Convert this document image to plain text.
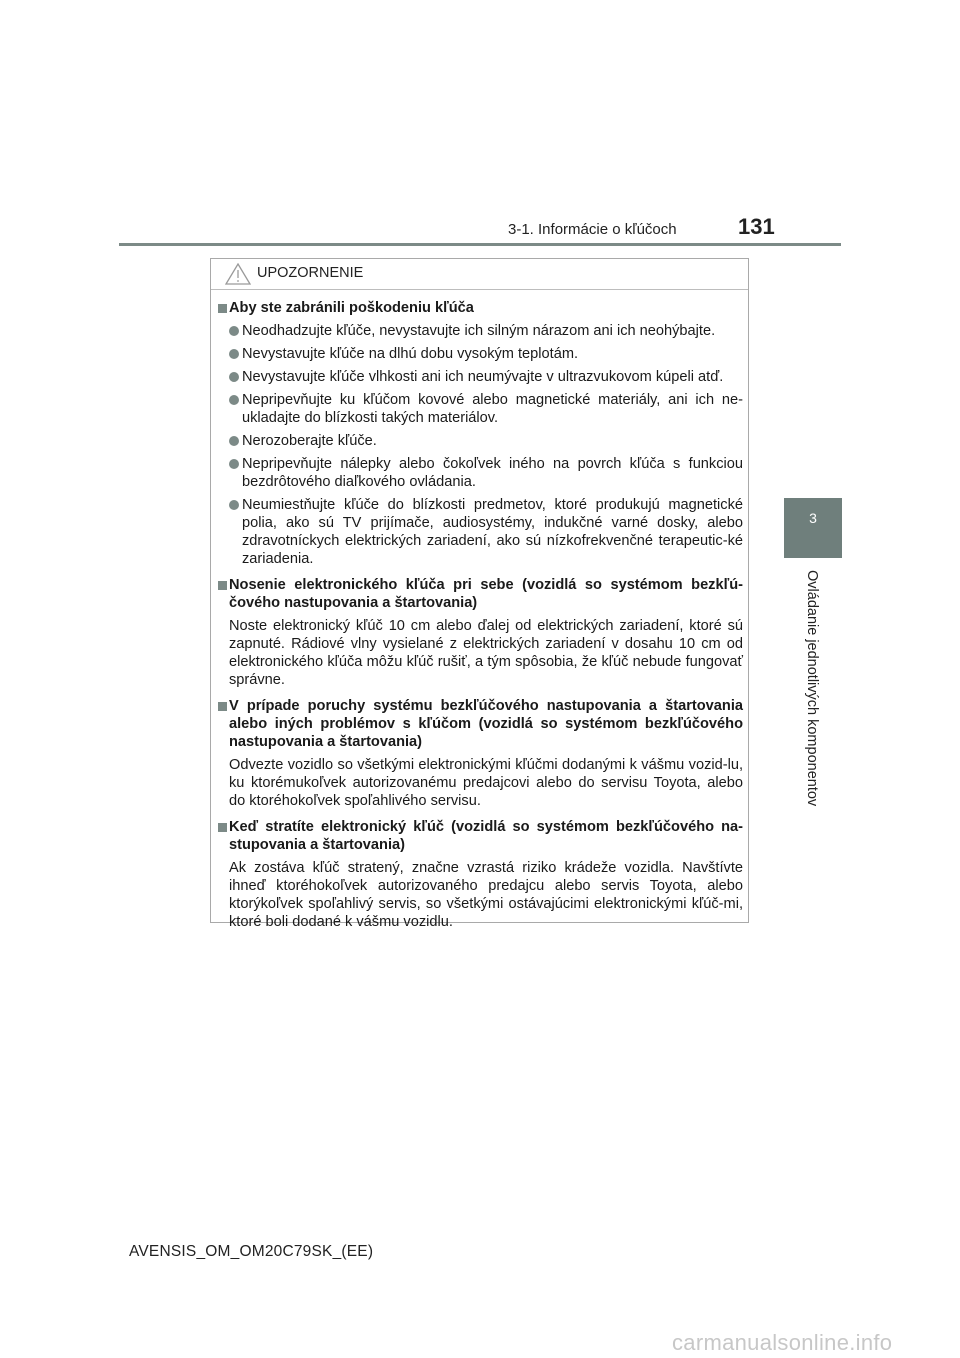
3-1. Informácie o kľúčoch	131
3
Ovládanie jednotlivých komponentov
UPOZORNENIE
Aby ste zabránili poškodeniu kľúča
Neodhadzujte kľúče, nevystavujte ich silným nárazom ani ich neohýbajte.
Nevystavujte kľúče na dlhú dobu vysokým teplotám.
Nevystavujte kľúče vlhkosti ani ich neumývajte v ultrazvukovom kúpeli atď.
Nepripevňujte ku kľúčom kovové alebo magnetické materiály, ani ich ne-ukladajte do blízkosti takých materiálov.
Nerozoberajte kľúče.
Nepripevňujte nálepky alebo čokoľvek iného na povrch kľúča s funkciou bezdrôtového diaľkového ovládania.
Neumiestňujte kľúče do blízkosti predmetov, ktoré produkujú magnetické polia, ako sú TV prijímače, audiosystémy, indukčné varné dosky, alebo zdravotníckych elektrických zariadení, ako sú nízkofrekvenčné terapeutic-ké zariadenia.
Nosenie elektronického kľúča pri sebe (vozidlá so systémom bezkľú-čového nastupovania a štartovania)
Noste elektronický kľúč 10 cm alebo ďalej od elektrických zariadení, ktoré sú zapnuté. Rádiové vlny vysielané z elektrických zariadení v dosahu 10 cm od elektronického kľúča môžu kľúč rušiť, a tým spôsobia, že kľúč nebude fungovať správne.
V prípade poruchy systému bezkľúčového nastupovania a štartovania alebo iných problémov s kľúčom (vozidlá so systémom bezkľúčového nastupovania a štartovania)
Odvezte vozidlo so všetkými elektronickými kľúčmi dodanými k vášmu vozid-lu, ku ktorémukoľvek autorizovanému predajcovi alebo do servisu Toyota, alebo do ktoréhokoľvek spoľahlivého servisu.
Keď stratíte elektronický kľúč (vozidlá so systémom bezkľúčového na-stupovania a štartovania)
Ak zostáva kľúč stratený, značne vzrastá riziko krádeže vozidla. Navštívte ihneď ktoréhokoľvek autorizovaného predajcu alebo servis Toyota, alebo ktorýkoľvek spoľahlivý servis, so všetkými ostávajúcimi elektronickými kľúč-mi, ktoré boli dodané k vášmu vozidlu.
AVENSIS_OM_OM20C79SK_(EE)
carmanualsonline.info
